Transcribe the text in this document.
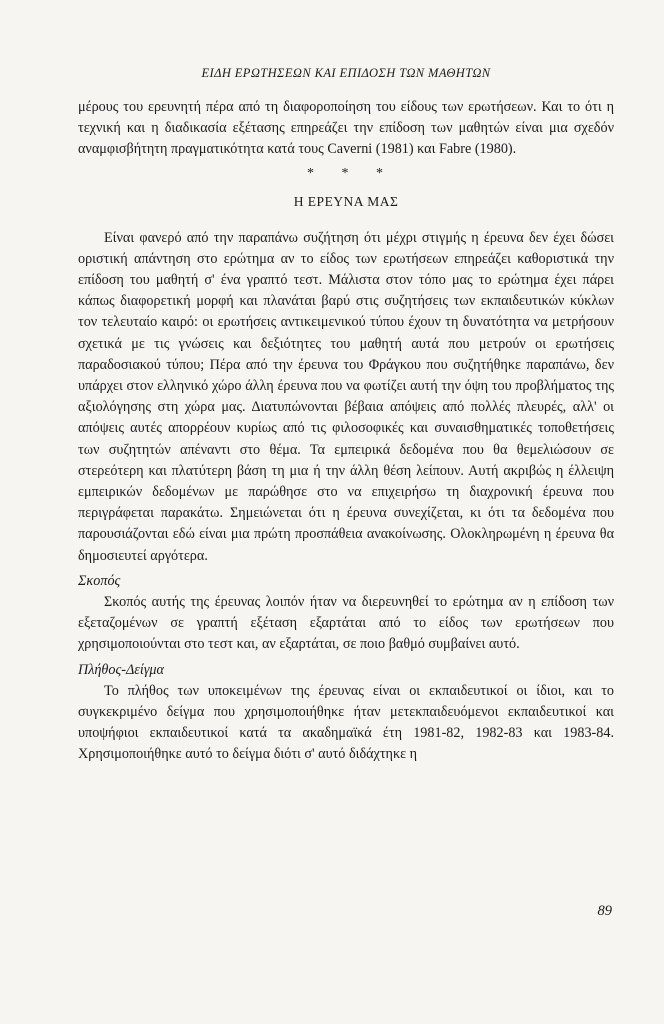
ΕΙΔΗ ΕΡΩΤΗΣΕΩΝ ΚΑΙ ΕΠΙΔΟΣΗ ΤΩΝ ΜΑΘΗΤΩΝ

μέρους του ερευνητή πέρα από τη διαφοροποίηση του είδους των ερωτήσεων. Και το ότι η τεχνική και η διαδικασία εξέτασης επηρεάζει την επίδοση των μαθητών είναι μια σχεδόν αναμφισβήτητη πραγματικότητα κατά τους Caverni (1981) και Fabre (1980).

* * *
Η ΕΡΕΥΝΑ ΜΑΣ

Είναι φανερό από την παραπάνω συζήτηση ότι μέχρι στιγμής η έρευνα δεν έχει δώσει οριστική απάντηση στο ερώτημα αν το είδος των ερωτήσεων επηρεάζει καθοριστικά την επίδοση του μαθητή σ' ένα γραπτό τεστ. Μάλιστα στον τόπο μας το ερώτημα έχει πάρει κάπως διαφορετική μορφή και πλανάται βαρύ στις συζητήσεις των εκπαιδευτικών κύκλων τον τελευταίο καιρό: οι ερωτήσεις αντικειμενικού τύπου έχουν τη δυνατότητα να μετρήσουν σχετικά με τις γνώσεις και δεξιότητες του μαθητή αυτά που μετρούν οι ερωτήσεις παραδοσιακού τύπου; Πέρα από την έρευνα του Φράγκου που συζητήθηκε παραπάνω, δεν υπάρχει στον ελληνικό χώρο άλλη έρευνα που να φωτίζει αυτή την όψη του προβλήματος της αξιολόγησης στη χώρα μας. Διατυπώνονται βέβαια απόψεις από πολλές πλευρές, αλλ' οι απόψεις αυτές απορρέουν κυρίως από τις φιλοσοφικές και συναισθηματικές τοποθετήσεις των συζητητών απέναντι στο θέμα. Τα εμπειρικά δεδομένα που θα θεμελιώσουν σε στερεότερη και πλατύτερη βάση τη μια ή την άλλη θέση λείπουν. Αυτή ακριβώς η έλλειψη εμπειρικών δεδομένων με παρώθησε στο να επιχειρήσω τη διαχρονική έρευνα που περιγράφεται παρακάτω. Σημειώνεται ότι η έρευνα συνεχίζεται, κι ότι τα δεδομένα που παρουσιάζονται εδώ είναι μια πρώτη προσπάθεια ανακοίνωσης. Ολοκληρωμένη η έρευνα θα δημοσιευτεί αργότερα.

Σκοπός

Σκοπός αυτής της έρευνας λοιπόν ήταν να διερευνηθεί το ερώτημα αν η επίδοση των εξεταζομένων σε γραπτή εξέταση εξαρτάται από το είδος των ερωτήσεων που χρησιμοποιούνται στο τεστ και, αν εξαρτάται, σε ποιο βαθμό συμβαίνει αυτό.

Πλήθος-Δείγμα

Το πλήθος των υποκειμένων της έρευνας είναι οι εκπαιδευτικοί οι ίδιοι, και το συγκεκριμένο δείγμα που χρησιμοποιήθηκε ήταν μετεκπαιδευόμενοι εκπαιδευτικοί και υποψήφιοι εκπαιδευτικοί κατά τα ακαδημαϊκά έτη 1981-82, 1982-83 και 1983-84. Χρησιμοποιήθηκε αυτό το δείγμα διότι σ' αυτό διδάχτηκε η

89
